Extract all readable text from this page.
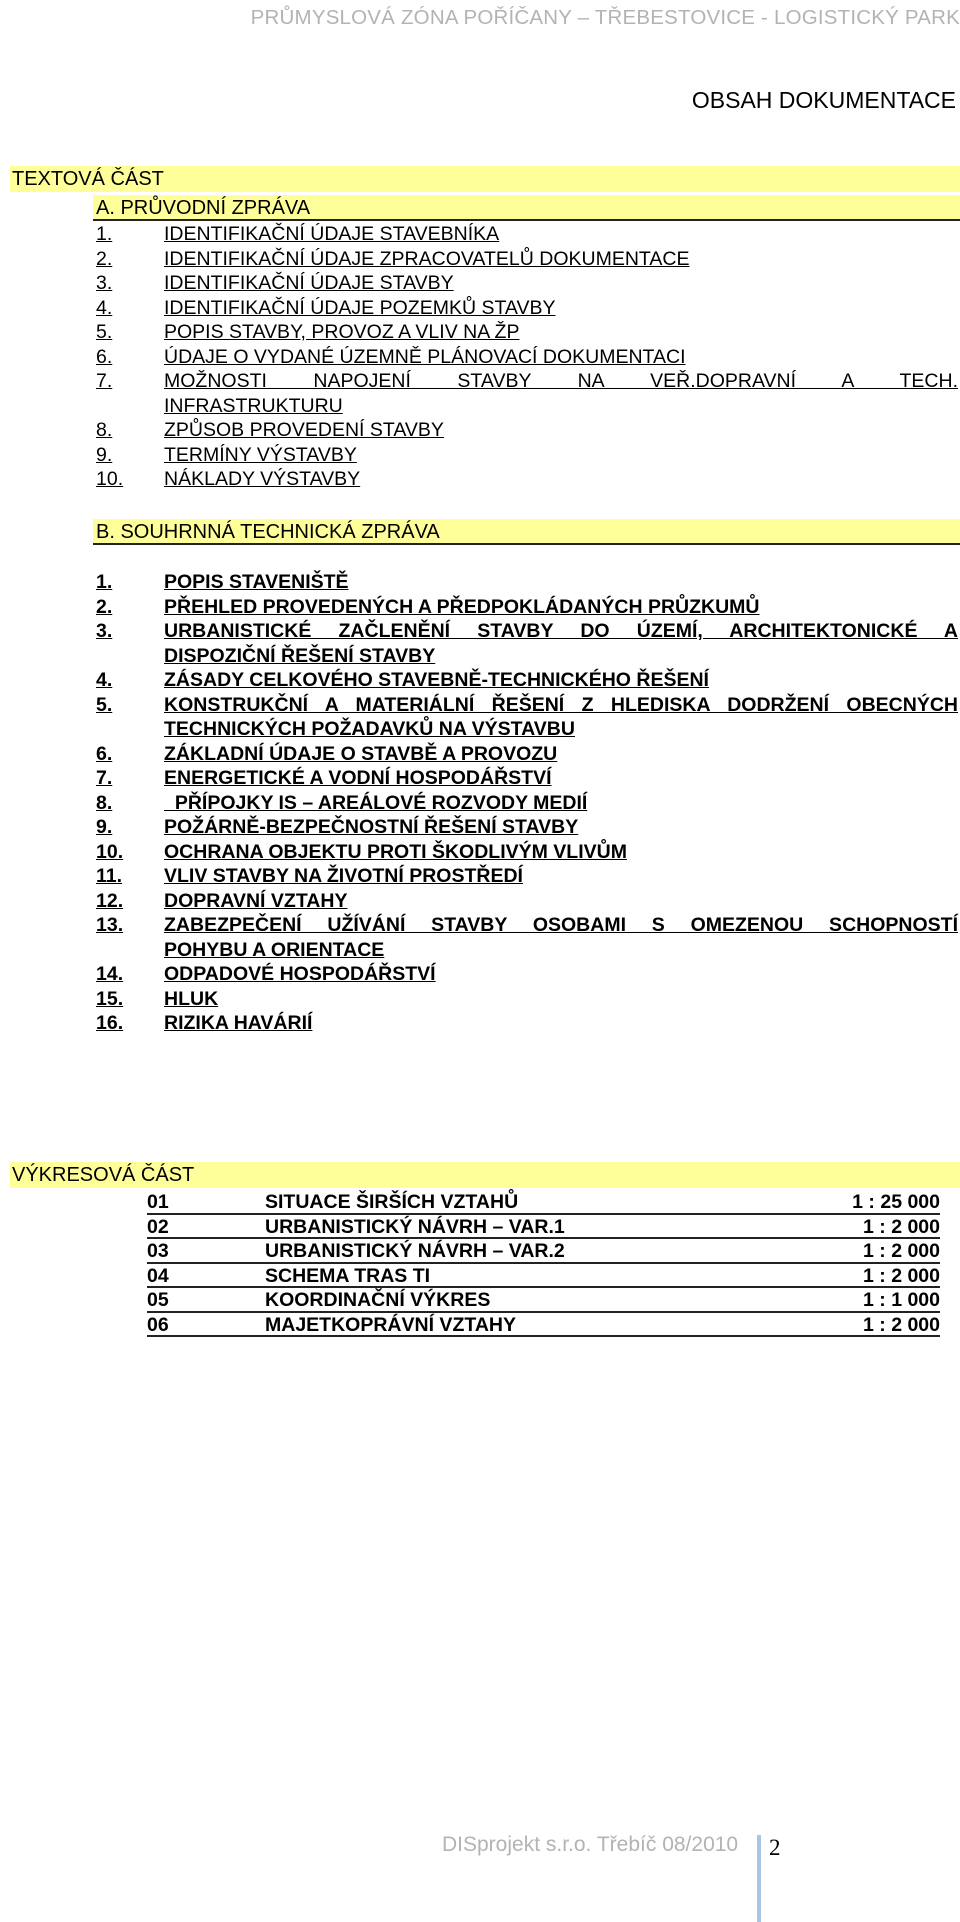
PRŮMYSLOVÁ ZÓNA POŘÍČANY – TŘEBESTOVICE - LOGISTICKÝ PARK
OBSAH DOKUMENTACE
TEXTOVÁ ČÁST
A. PRŮVODNÍ ZPRÁVA
1.	IDENTIFIKAČNÍ ÚDAJE STAVEBNÍKA
2.	IDENTIFIKAČNÍ ÚDAJE ZPRACOVATELŮ DOKUMENTACE
3.	IDENTIFIKAČNÍ ÚDAJE STAVBY
4.	IDENTIFIKAČNÍ ÚDAJE POZEMKŮ STAVBY
5.	POPIS STAVBY, PROVOZ A VLIV NA ŽP
6.	ÚDAJE O VYDANÉ ÚZEMNĚ PLÁNOVACÍ DOKUMENTACI
7.	MOŽNOSTI NAPOJENÍ STAVBY NA VEŘ.DOPRAVNÍ A TECH.
INFRASTRUKTURU
8.	ZPŮSOB PROVEDENÍ STAVBY
9.	TERMÍNY VÝSTAVBY
10.	NÁKLADY VÝSTAVBY
B. SOUHRNNÁ TECHNICKÁ ZPRÁVA
1.	POPIS STAVENIŠTĚ
2.	PŘEHLED PROVEDENÝCH A PŘEDPOKLÁDANÝCH PRŮZKUMŮ
3.	URBANISTICKÉ ZAČLENĚNÍ STAVBY DO ÚZEMÍ, ARCHITEKTONICKÉ A
DISPOZIČNÍ ŘEŠENÍ STAVBY
4.	ZÁSADY CELKOVÉHO STAVEBNĚ-TECHNICKÉHO ŘEŠENÍ
5.	KONSTRUKČNÍ A MATERIÁLNÍ ŘEŠENÍ Z HLEDISKA DODRŽENÍ OBECNÝCH
TECHNICKÝCH POŽADAVKŮ NA VÝSTAVBU
6.	ZÁKLADNÍ ÚDAJE O STAVBĚ A PROVOZU
7.	ENERGETICKÉ A VODNÍ HOSPODÁŘSTVÍ
8.	PŘÍPOJKY IS – AREÁLOVÉ ROZVODY MEDIÍ
9.	POŽÁRNĚ-BEZPEČNOSTNÍ ŘEŠENÍ STAVBY
10.	OCHRANA OBJEKTU PROTI ŠKODLIVÝM VLIVŮM
11.	VLIV STAVBY NA ŽIVOTNÍ PROSTŘEDÍ
12.	DOPRAVNÍ VZTAHY
13.	ZABEZPEČENÍ UŽÍVÁNÍ STAVBY OSOBAMI S OMEZENOU SCHOPNOSTÍ
POHYBU A ORIENTACE
14.	ODPADOVÉ HOSPODÁŘSTVÍ
15.	HLUK
16.	RIZIKA HAVÁRIÍ
VÝKRESOVÁ ČÁST
01	SITUACE ŠIRŠÍCH VZTAHŮ	1 : 25 000
02	URBANISTICKÝ NÁVRH – VAR.1	1 : 2 000
03	URBANISTICKÝ NÁVRH – VAR.2	1 : 2 000
04	SCHEMA TRAS TI	1 : 2 000
05	KOORDINAČNÍ VÝKRES	1 : 1 000
06	MAJETKOPRÁVNÍ VZTAHY	1 : 2 000
DISprojekt s.r.o. Třebíč 08/2010 2
